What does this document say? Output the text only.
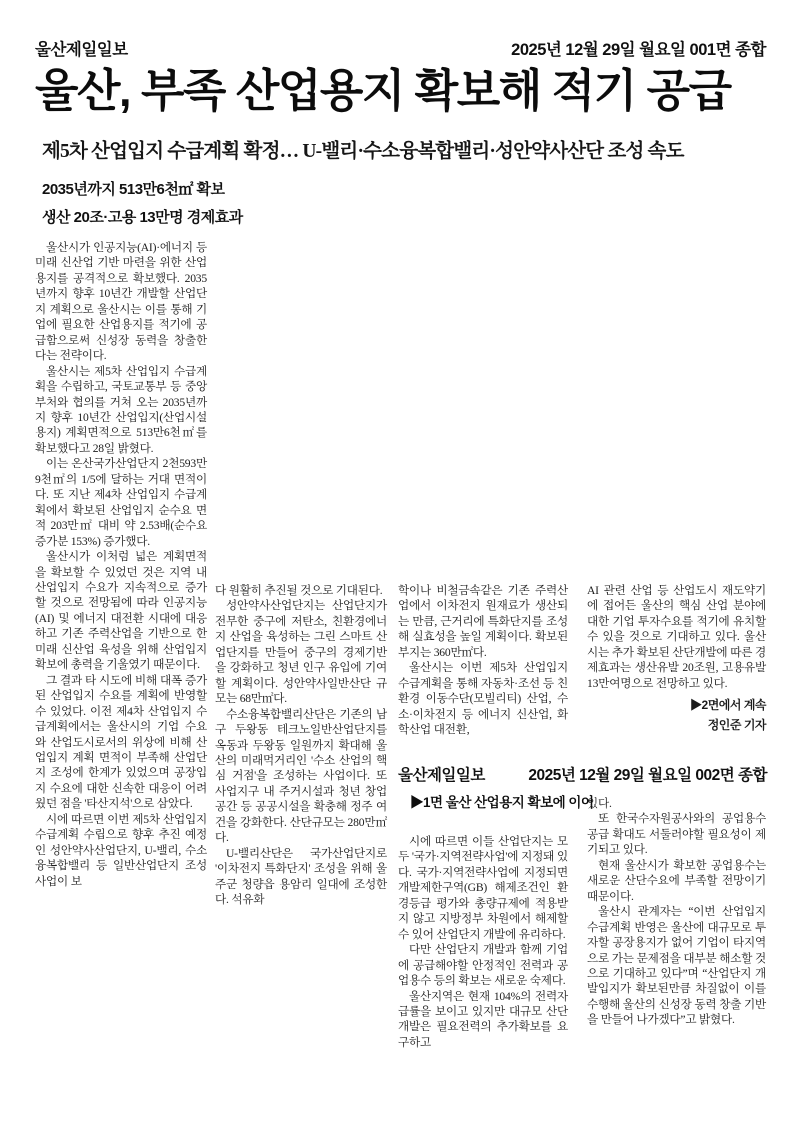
울산제일일보	2025년 12월 29일 월요일 001면 종합
울산, 부족 산업용지 확보해 적기 공급
제5차 산업입지 수급계획 확정… U-밸리·수소융복합밸리·성안약사산단 조성 속도
2035년까지 513만6천㎡ 확보
생산 20조·고용 13만명 경제효과

울산시가 인공지능(AI)·에너지 등 미래 신산업 기반 마련을 위한 산업용지를 공격적으로 확보했다. 2035년까지 향후 10년간 개발할 산업단지 계획으로 울산시는 이를 통해 기업에 필요한 산업용지를 적기에 공급함으로써 신성장 동력을 창출한다는 전략이다.

울산시는 제5차 산업입지 수급계획을 수립하고, 국토교통부 등 중앙부처와 협의를 거쳐 오는 2035년까지 향후 10년간 산업입지(산업시설용지) 계획면적으로 513만6천㎡를 확보했다고 28일 밝혔다.

이는 온산국가산업단지 2천593만9천㎡의 1/5에 달하는 거대 면적이다. 또 지난 제4차 산업입지 수급계획에서 확보된 산업입지 순수요 면적 203만㎡ 대비 약 2.53배(순수요 증가분 153%) 증가했다.

울산시가 이처럼 넓은 계획면적을 확보할 수 있었던 것은 지역 내 산업입지 수요가 지속적으로 증가할 것으로 전망됨에 따라 인공지능(AI) 및 에너지 대전환 시대에 대응하고 기존 주력산업을 기반으로 한 미래 신산업 육성을 위해 산업입지 확보에 총력을 기울였기 때문이다.

그 결과 타 시도에 비해 대폭 증가된 산업입지 수요를 계획에 반영할 수 있었다. 이전 제4차 산업입지 수급계획에서는 울산시의 기업 수요와 산업도시로서의 위상에 비해 산업입지 계획 면적이 부족해 산업단지 조성에 한계가 있었으며 공장입지 수요에 대한 신속한 대응이 어려웠던 점을 '타산지석'으로 삼았다.

시에 따르면 이번 제5차 산업입지 수급계획 수립으로 향후 추진 예정인 성안약사산업단지, U-밸리, 수소융복합밸리 등 일반산업단지 조성 사업이 보

다 원활히 추진될 것으로 기대된다.

성안약사산업단지는 산업단지가 전무한 중구에 저탄소, 친환경에너지 산업을 육성하는 그린 스마트 산업단지를 만들어 중구의 경제기반을 강화하고 청년 인구 유입에 기여할 계획이다. 성안약사일반산단 규모는 68만㎡다.

수소융복합밸리산단은 기존의 남구 두왕동 테크노일반산업단지를 옥동과 두왕동 일원까지 확대해 울산의 미래먹거리인 '수소 산업의 핵심 거점'을 조성하는 사업이다. 또 사업지구 내 주거시설과 청년 창업 공간 등 공공시설을 확충해 정주 여건을 강화한다. 산단규모는 280만㎡다.

U-밸리산단은 국가산업단지로 '이차전지 특화단지' 조성을 위해 울주군 청량읍 용암리 일대에 조성한다. 석유화

학이나 비철금속같은 기존 주력산업에서 이차전지 원재료가 생산되는 만큼, 근거리에 특화단지를 조성해 실효성을 높일 계획이다. 확보된 부지는 360만㎡다.

울산시는 이번 제5차 산업입지 수급계획을 통해 자동차·조선 등 친환경 이동수단(모빌리티) 산업, 수소·이차전지 등 에너지 신산업, 화학산업 대전환,

AI 관련 산업 등 산업도시 재도약기에 접어든 울산의 핵심 산업 분야에 대한 기업 투자수요를 적기에 유치할 수 있을 것으로 기대하고 있다. 울산시는 추가 확보된 산단개발에 따른 경제효과는 생산유발 20조원, 고용유발 13만여명으로 전망하고 있다.

▶2면에서 계속
정인준 기자
울산제일일보	2025년 12월 29일 월요일 002면 종합
▶1면 울산 산업용지 확보에 이어

시에 따르면 이들 산업단지는 모두 '국가·지역전략사업'에 지정돼 있다. 국가·지역전략사업에 지정되면 개발제한구역(GB) 해제조건인 환경등급 평가와 총량규제에 적용받지 않고 지방정부 차원에서 해제할 수 있어 산업단지 개발에 유리하다.

다만 산업단지 개발과 함께 기업에 공급해야할 안정적인 전력과 공업용수 등의 확보는 새로운 숙제다.

울산지역은 현재 104%의 전력자급률을 보이고 있지만 대규모 산단개발은 필요전력의 추가확보를 요구하고

있다.

또 한국수자원공사와의 공업용수 공급 확대도 서둘러야할 필요성이 제기되고 있다.

현재 울산시가 확보한 공업용수는 새로운 산단수요에 부족할 전망이기 때문이다.

울산시 관계자는 “이번 산업입지 수급계획 반영은 울산에 대규모로 투자할 공장용지가 없어 기업이 타지역으로 가는 문제점을 대부분 해소할 것으로 기대하고 있다”며 “산업단지 개발입지가 확보된만큼 차질없이 이를 수행해 울산의 신성장 동력 창출 기반을 만들어 나가겠다”고 밝혔다.
